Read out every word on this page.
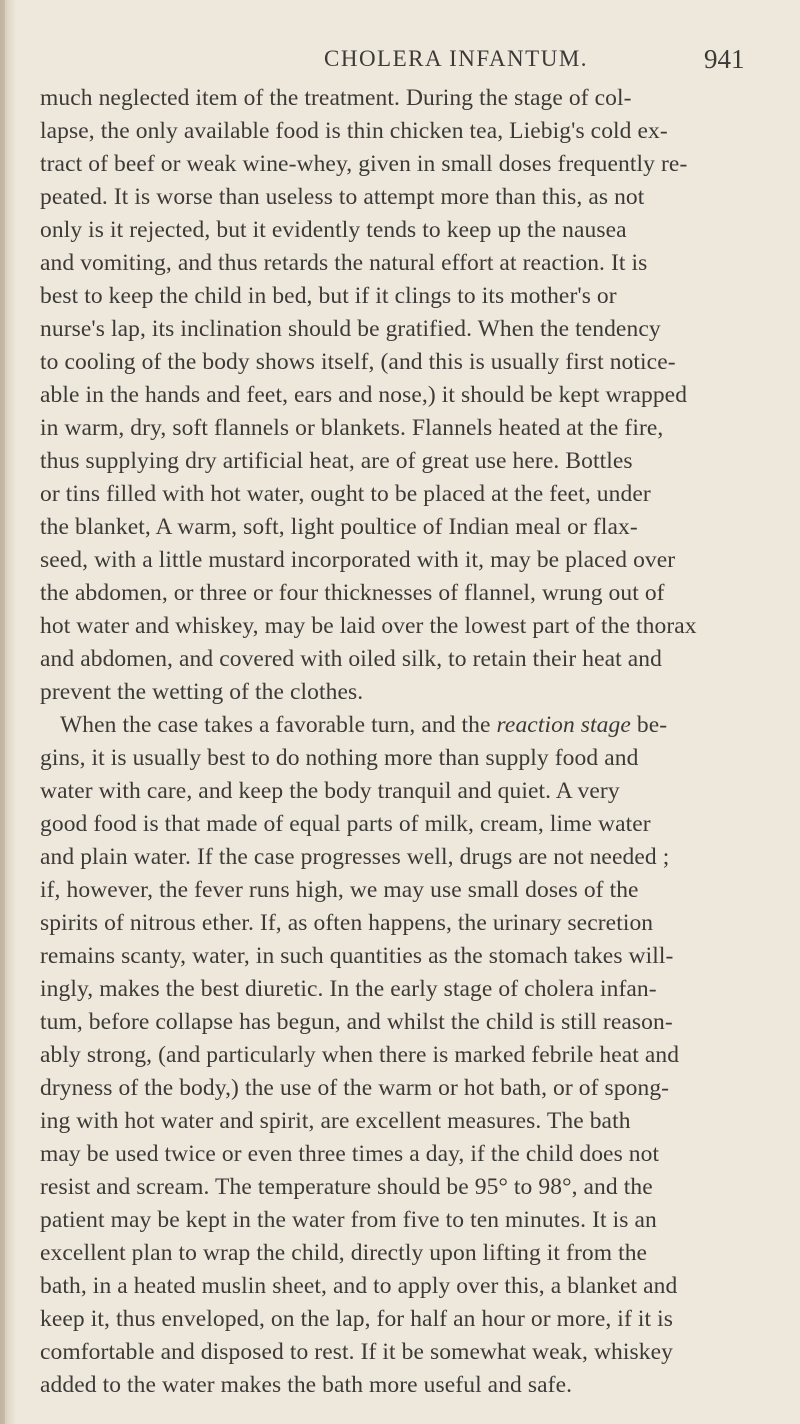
CHOLERA INFANTUM.	941
much neglected item of the treatment. During the stage of col-
lapse, the only available food is thin chicken tea, Liebig's cold ex-
tract of beef or weak wine-whey, given in small doses frequently re-
peated. It is worse than useless to attempt more than this, as not
only is it rejected, but it evidently tends to keep up the nausea
and vomiting, and thus retards the natural effort at reaction. It is
best to keep the child in bed, but if it clings to its mother's or
nurse's lap, its inclination should be gratified. When the tendency
to cooling of the body shows itself, (and this is usually first notice-
able in the hands and feet, ears and nose,) it should be kept wrapped
in warm, dry, soft flannels or blankets. Flannels heated at the fire,
thus supplying dry artificial heat, are of great use here. Bottles
or tins filled with hot water, ought to be placed at the feet, under
the blanket, A warm, soft, light poultice of Indian meal or flax-
seed, with a little mustard incorporated with it, may be placed over
the abdomen, or three or four thicknesses of flannel, wrung out of
hot water and whiskey, may be laid over the lowest part of the thorax
and abdomen, and covered with oiled silk, to retain their heat and
prevent the wetting of the clothes.
When the case takes a favorable turn, and the reaction stage be-
gins, it is usually best to do nothing more than supply food and
water with care, and keep the body tranquil and quiet. A very
good food is that made of equal parts of milk, cream, lime water
and plain water. If the case progresses well, drugs are not needed ;
if, however, the fever runs high, we may use small doses of the
spirits of nitrous ether. If, as often happens, the urinary secretion
remains scanty, water, in such quantities as the stomach takes will-
ingly, makes the best diuretic. In the early stage of cholera infan-
tum, before collapse has begun, and whilst the child is still reason-
ably strong, (and particularly when there is marked febrile heat and
dryness of the body,) the use of the warm or hot bath, or of spong-
ing with hot water and spirit, are excellent measures. The bath
may be used twice or even three times a day, if the child does not
resist and scream. The temperature should be 95° to 98°, and the
patient may be kept in the water from five to ten minutes. It is an
excellent plan to wrap the child, directly upon lifting it from the
bath, in a heated muslin sheet, and to apply over this, a blanket and
keep it, thus enveloped, on the lap, for half an hour or more, if it is
comfortable and disposed to rest. If it be somewhat weak, whiskey
added to the water makes the bath more useful and safe.
